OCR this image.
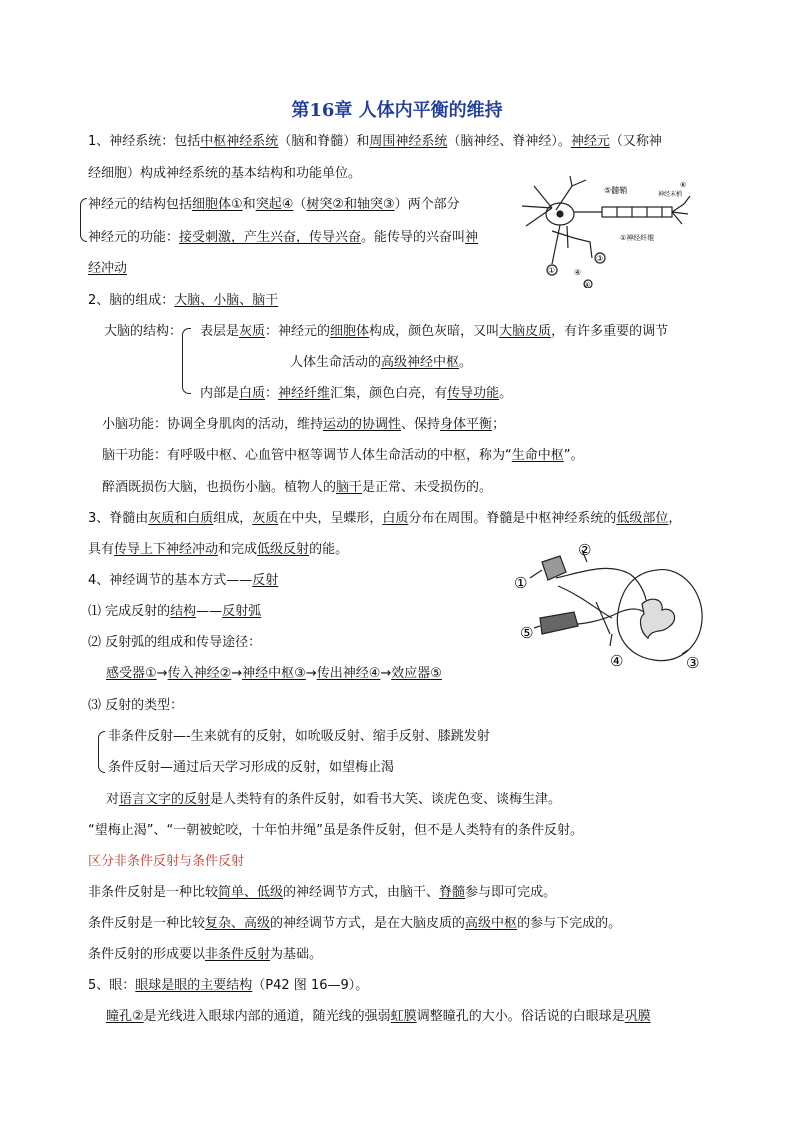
第16章 人体内平衡的维持
1、神经系统：包括中枢神经系统（脑和脊髓）和周围神经系统（脑神经、脊神经）。神经元（又称神
经细胞）构成神经系统的基本结构和功能单位。
神经元的结构包括细胞体①和突起④（树突②和轴突③）两个部分
神经元的功能：接受刺激，产生兴奋，传导兴奋。能传导的兴奋叫神
经冲动
⑤髓鞘	神经末梢
①神经纤维
①
④
③
④
⑥
2、脑的组成：大脑、小脑、脑干
大脑的结构： 表层是灰质：神经元的细胞体构成，颜色灰暗，又叫大脑皮质，有许多重要的调节
人体生命活动的高级神经中枢。
内部是白质：神经纤维汇集，颜色白亮，有传导功能。
小脑功能：协调全身肌肉的活动，维持运动的协调性、保持身体平衡；
脑干功能：有呼吸中枢、心血管中枢等调节人体生命活动的中枢，称为“生命中枢”。
醉酒既损伤大脑，也损伤小脑。植物人的脑干是正常、未受损伤的。
3、脊髓由灰质和白质组成，灰质在中央，呈蝶形，白质分布在周围。脊髓是中枢神经系统的低级部位，
具有传导上下神经冲动和完成低级反射的能。
4、神经调节的基本方式——反射
⑴ 完成反射的结构——反射弧
⑵ 反射弧的组成和传导途径：
感受器①→传入神经②→神经中枢③→传出神经④→效应器⑤
⑶ 反射的类型：
非条件反射—-生来就有的反射，如吮吸反射、缩手反射、膝跳发射
条件反射—通过后天学习形成的反射，如望梅止渴
对语言文字的反射是人类特有的条件反射，如看书大笑、谈虎色变、谈梅生津。
“望梅止渴”、“一朝被蛇咬，十年怕井绳”虽是条件反射，但不是人类特有的条件反射。
②
①
⑤
④	③
区分非条件反射与条件反射
非条件反射是一种比较简单、低级的神经调节方式，由脑干、脊髓参与即可完成。
条件反射是一种比较复杂、高级的神经调节方式，是在大脑皮质的高级中枢的参与下完成的。
条件反射的形成要以非条件反射为基础。
5、眼：眼球是眼的主要结构（P42 图 16—9）。
瞳孔②是光线进入眼球内部的通道，随光线的强弱虹膜调整瞳孔的大小。俗话说的白眼球是巩膜
